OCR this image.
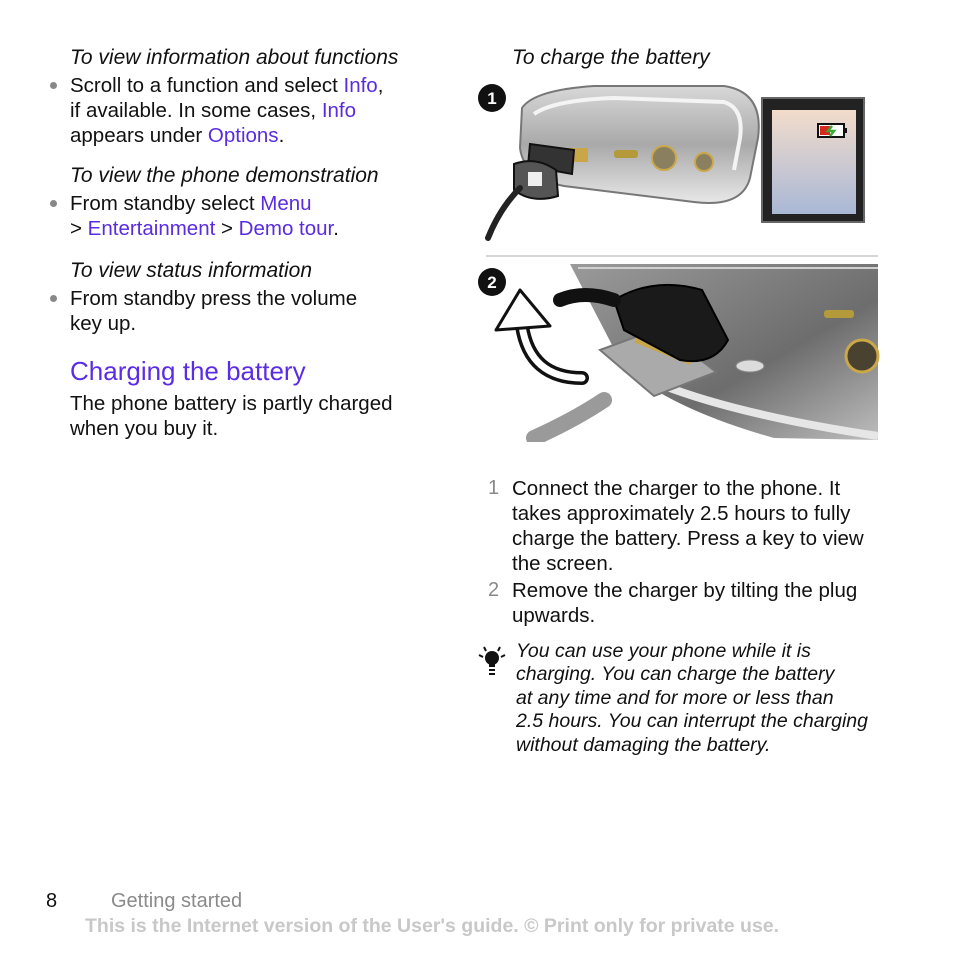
To view information about functions
Scroll to a function and select Info,
if available. In some cases, Info
appears under Options.
To view the phone demonstration
From standby select Menu
> Entertainment > Demo tour.
To view status information
From standby press the volume
key up.
Charging the battery
The phone battery is partly charged
when you buy it.
To charge the battery
1
2
1 Connect the charger to the phone. It
takes approximately 2.5 hours to fully
charge the battery. Press a key to view
the screen.
2 Remove the charger by tilting the plug
upwards.
You can use your phone while it is
charging. You can charge the battery
at any time and for more or less than
2.5 hours. You can interrupt the charging
without damaging the battery.
8	Getting started
This is the Internet version of the User's guide. © Print only for private use.
